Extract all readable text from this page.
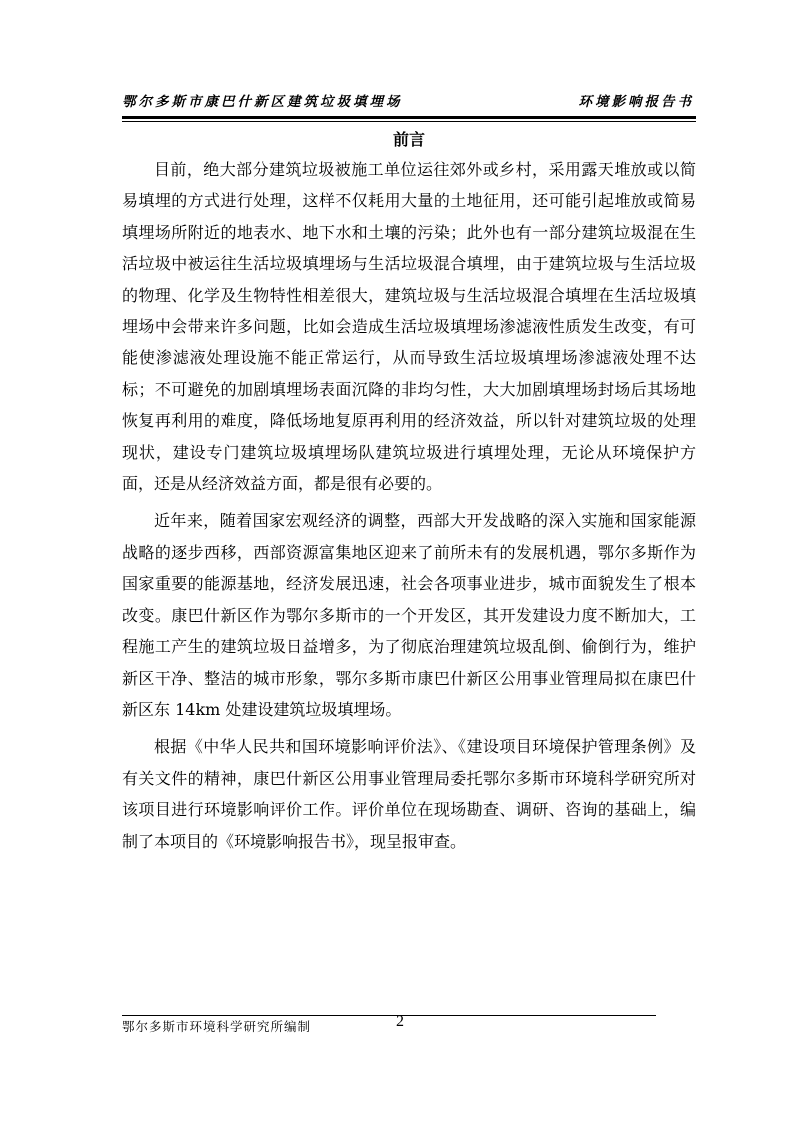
鄂尔多斯市康巴什新区建筑垃圾填埋场	环境影响报告书
前言

目前，绝大部分建筑垃圾被施工单位运往郊外或乡村，采用露天堆放或以简易填埋的方式进行处理，这样不仅耗用大量的土地征用，还可能引起堆放或简易填埋场所附近的地表水、地下水和土壤的污染；此外也有一部分建筑垃圾混在生活垃圾中被运往生活垃圾填埋场与生活垃圾混合填埋，由于建筑垃圾与生活垃圾的物理、化学及生物特性相差很大，建筑垃圾与生活垃圾混合填埋在生活垃圾填埋场中会带来许多问题，比如会造成生活垃圾填埋场渗滤液性质发生改变，有可能使渗滤液处理设施不能正常运行，从而导致生活垃圾填埋场渗滤液处理不达标；不可避免的加剧填埋场表面沉降的非均匀性，大大加剧填埋场封场后其场地恢复再利用的难度，降低场地复原再利用的经济效益，所以针对建筑垃圾的处理现状，建设专门建筑垃圾填埋场队建筑垃圾进行填埋处理，无论从环境保护方面，还是从经济效益方面，都是很有必要的。

近年来，随着国家宏观经济的调整，西部大开发战略的深入实施和国家能源战略的逐步西移，西部资源富集地区迎来了前所未有的发展机遇，鄂尔多斯作为国家重要的能源基地，经济发展迅速，社会各项事业进步，城市面貌发生了根本改变。康巴什新区作为鄂尔多斯市的一个开发区，其开发建设力度不断加大，工程施工产生的建筑垃圾日益增多，为了彻底治理建筑垃圾乱倒、偷倒行为，维护新区干净、整洁的城市形象，鄂尔多斯市康巴什新区公用事业管理局拟在康巴什新区东 14km 处建设建筑垃圾填埋场。

根据《中华人民共和国环境影响评价法》、《建设项目环境保护管理条例》及有关文件的精神，康巴什新区公用事业管理局委托鄂尔多斯市环境科学研究所对该项目进行环境影响评价工作。评价单位在现场勘查、调研、咨询的基础上，编制了本项目的《环境影响报告书》，现呈报审查。

鄂尔多斯市环境科学研究所编制	2
